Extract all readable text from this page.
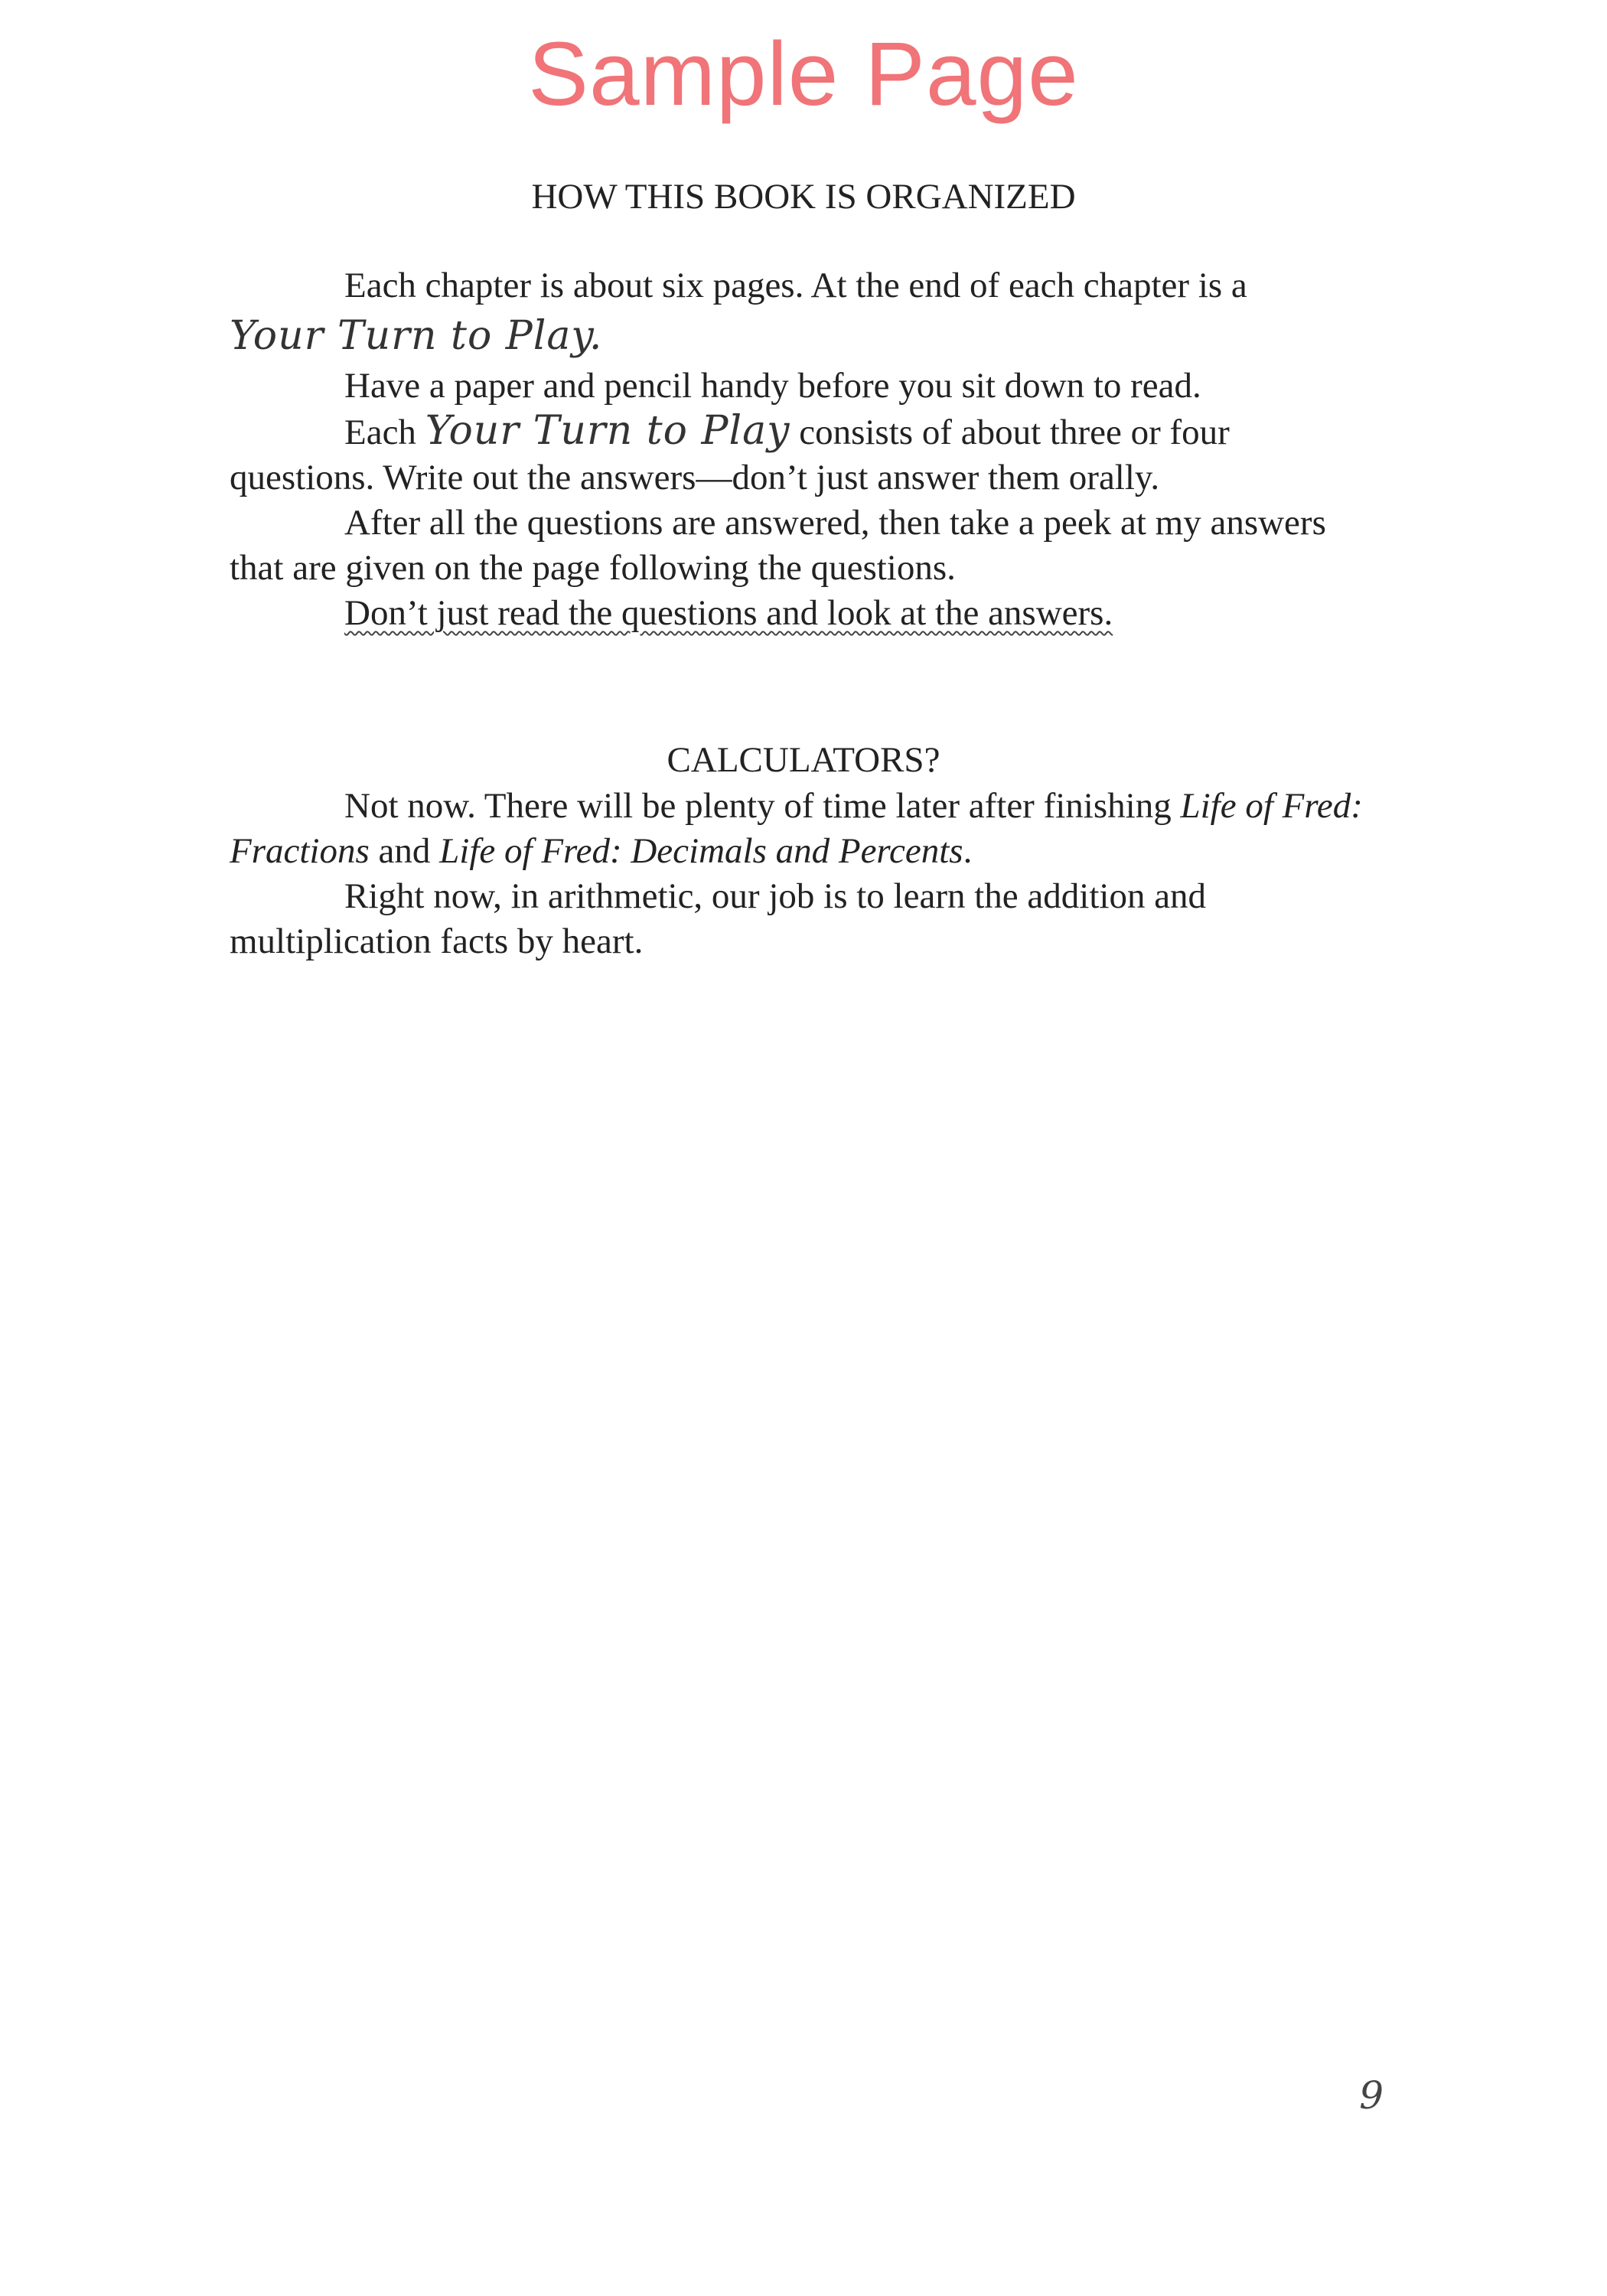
Sample Page
HOW THIS BOOK IS ORGANIZED

Each chapter is about six pages. At the end of each chapter is a
Your Turn to Play.

Have a paper and pencil handy before you sit down to read.

Each Your Turn to Play consists of about three or four questions. Write out the answers—don’t just answer them orally.

After all the questions are answered, then take a peek at my answers that are given on the page following the questions.

Don’t just read the questions and look at the answers.

CALCULATORS?

Not now. There will be plenty of time later after finishing Life of Fred: Fractions and Life of Fred: Decimals and Percents.

Right now, in arithmetic, our job is to learn the addition and multiplication facts by heart.

9
